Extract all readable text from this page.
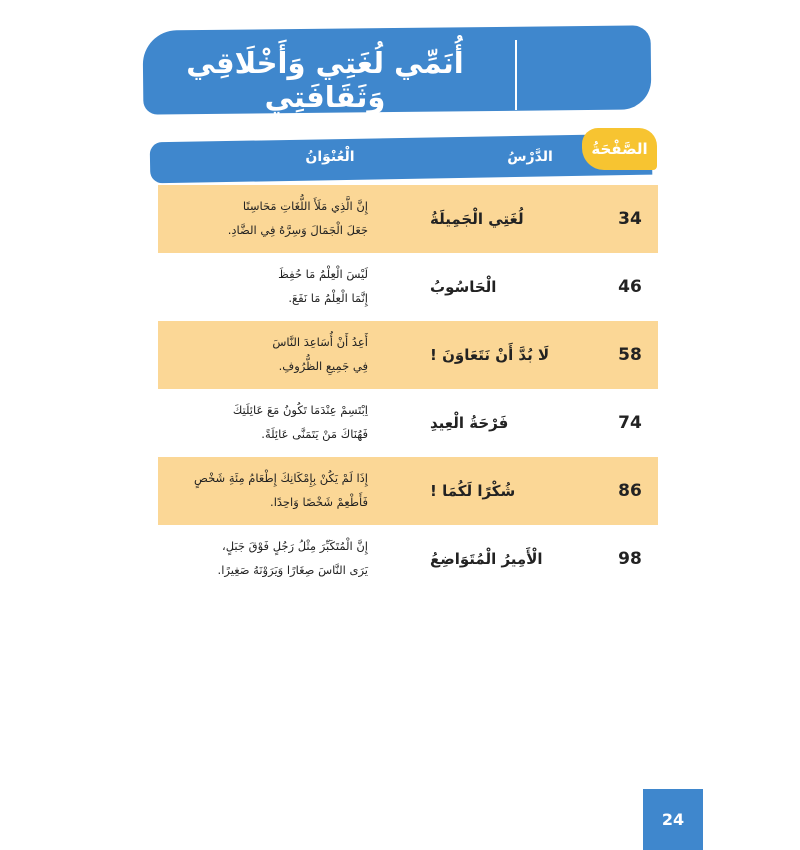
أُنَمِّي لُغَتِي وَأَخْلَاقِي وَثَقَافَتِي
الصَّفْحَةُ
الدَّرْسُ
الْعُنْوَانُ
34
لُغَتِي الْجَمِيلَةُ
إِنَّ الَّذِي مَلَأَ اللُّغَاتِ مَحَاسِنًا
جَعَلَ الْجَمَالَ وَسِرَّهُ فِي الضَّادِ.
46
الْحَاسُوبُ
لَيْسَ الْعِلْمُ مَا حُفِظَ
إِنَّمَا الْعِلْمُ مَا نَفَعَ.
58
لَا بُدَّ أَنْ نَتَعَاوَنَ !
أَعِدُ أَنْ أُسَاعِدَ النَّاسَ
فِي جَمِيعِ الظُّرُوفِ.
74
فَرْحَةُ الْعِيدِ
اِبْتَسِمْ عِنْدَمَا تَكُونُ مَعَ عَائِلَتِكَ
فَهُنَاكَ مَنْ يَتَمَنَّى عَائِلَةً.
86
شُكْرًا لَكُمَا !
إِذَا لَمْ يَكُنْ بِإِمْكَانِكَ إِطْعَامُ مِئَةِ شَخْصٍ
فَأَطْعِمْ شَخْصًا وَاحِدًا.
98
الْأَمِيرُ الْمُتَوَاضِعُ
إِنَّ الْمُتَكَبِّرَ مِثْلُ رَجُلٍ فَوْقَ جَبَلٍ،
يَرَى النَّاسَ صِغَارًا وَيَرَوْنَهُ صَغِيرًا.
24
